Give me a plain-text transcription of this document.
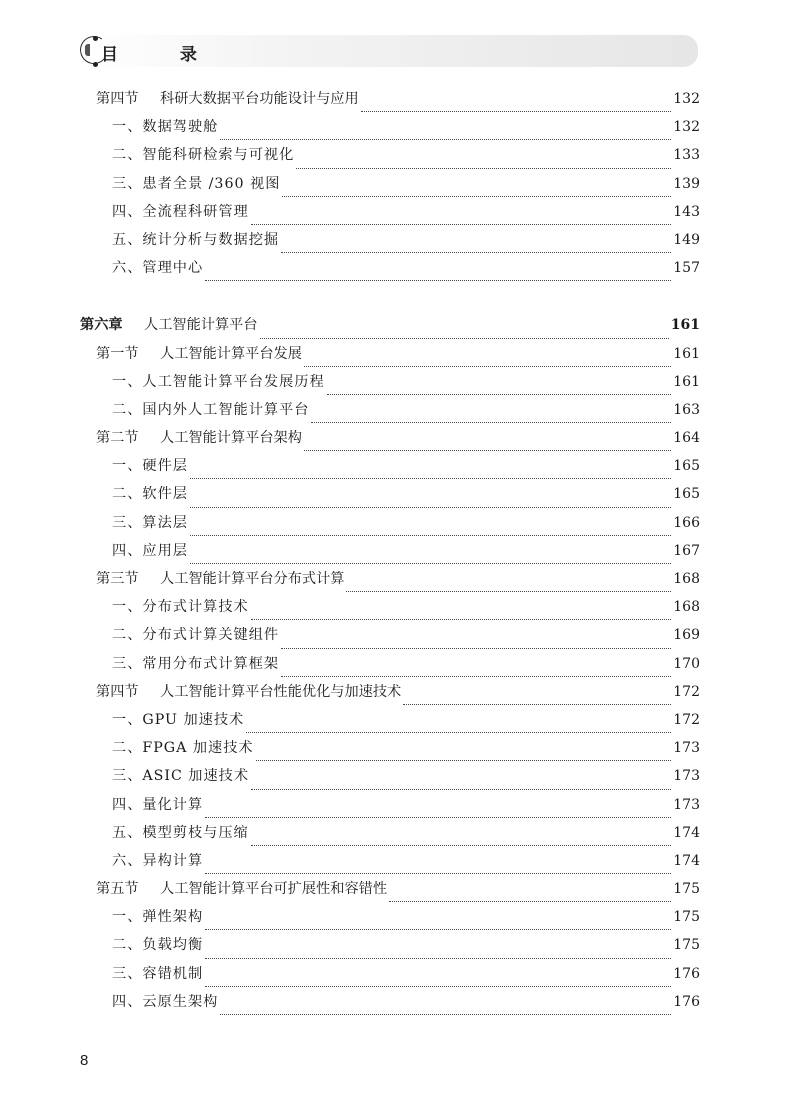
目 录
第四节 科研大数据平台功能设计与应用	132
一、数据驾驶舱	132
二、智能科研检索与可视化	133
三、患者全景 /360 视图	139
四、全流程科研管理	143
五、统计分析与数据挖掘	149
六、管理中心	157
第六章 人工智能计算平台	161
第一节 人工智能计算平台发展	161
一、人工智能计算平台发展历程	161
二、国内外人工智能计算平台	163
第二节 人工智能计算平台架构	164
一、硬件层	165
二、软件层	165
三、算法层	166
四、应用层	167
第三节 人工智能计算平台分布式计算	168
一、分布式计算技术	168
二、分布式计算关键组件	169
三、常用分布式计算框架	170
第四节 人工智能计算平台性能优化与加速技术	172
一、GPU 加速技术	172
二、FPGA 加速技术	173
三、ASIC 加速技术	173
四、量化计算	173
五、模型剪枝与压缩	174
六、异构计算	174
第五节 人工智能计算平台可扩展性和容错性	175
一、弹性架构	175
二、负载均衡	175
三、容错机制	176
四、云原生架构	176
8
